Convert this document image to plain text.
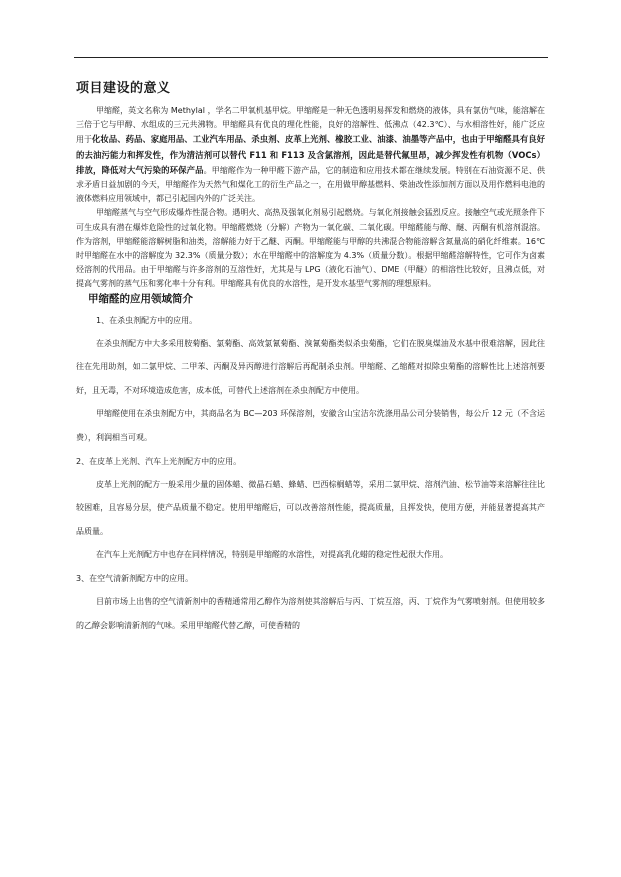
项目建设的意义

甲缩醛，英文名称为 Methylal ，学名二甲氧机基甲烷。甲缩醛是一种无色透明易挥发和燃烧的液体，具有氯仿气味，能溶解在三倍于它与甲醇、水组成的三元共沸物。甲缩醛具有优良的理化性能，良好的溶解性、低沸点（42.3℃）、与水相溶性好，能广泛应用于化妆品、药品、家庭用品、工业汽车用品、杀虫剂、皮革上光剂、橡胶工业、油漆、油墨等产品中，也由于甲缩醛具有良好的去油污能力和挥发性，作为清洁剂可以替代 F11 和 F113 及含氯溶剂，因此是替代氟里昂，减少挥发性有机物（VOCs）排放，降低对大气污染的环保产品。甲缩醛作为一种甲醛下游产品，它的制造和应用技术都在继续发展。特别在石油资源不足、供求矛盾日益加剧的今天，甲缩醛作为天然气和煤化工的衍生产品之一，在用做甲醇基燃料、柴油改性添加剂方面以及用作燃料电池的液体燃料应用领域中，都已引起国内外的广泛关注。

甲缩醛蒸气与空气形成爆炸性混合物。遇明火、高热及强氧化剂易引起燃烧。与氧化剂接触会猛烈反应。接触空气或光照条件下可生成具有潜在爆炸危险性的过氧化物。甲缩醛燃烧（分解）产物为一氧化碳、二氧化碳。甲缩醛能与醇、醚、丙酮有机溶剂混溶。作为溶剂，甲缩醛能溶解树脂和油类，溶解能力好于乙醚、丙酮。甲缩醛能与甲醇的共沸混合物能溶解含氮量高的硝化纤维素。16℃时甲缩醛在水中的溶解度为 32.3%（质量分数）；水在甲缩醛中的溶解度为 4.3%（质量分数）。根据甲缩醛溶解特性，它可作为卤素烃溶剂的代用品。由于甲缩醛与许多溶剂的互溶性好，尤其是与 LPG（液化石油气）、DME（甲醚）的相溶性比较好，且沸点低，对提高气雾剂的蒸气压和雾化率十分有利。甲缩醛具有优良的水溶性，是开发水基型气雾剂的理想原料。

甲缩醛的应用领域简介

1、在杀虫剂配方中的应用。

在杀虫剂配方中大多采用胺菊酯、氯菊酯、高效氯氰菊酯、溴氰菊酯类似杀虫菊酯，它们在脱臭煤油及水基中很难溶解，因此往往在先用助剂，如二氯甲烷、二甲苯、丙酮及异丙醇进行溶解后再配制杀虫剂。甲缩醛、乙缩醛对拟除虫菊酯的溶解性比上述溶剂要好，且无毒，不对环境造成危害，成本低，可替代上述溶剂在杀虫剂配方中使用。

甲缩醛使用在杀虫剂配方中，其商品名为 BC—203 环保溶剂，安徽含山宝洁尔洗涤用品公司分装销售，每公斤 12 元（不含运费），利润相当可观。

2、在皮革上光剂、汽车上光剂配方中的应用。

皮革上光剂的配方一般采用少量的固体蜡、微晶石蜡、蜂蜡、巴西棕榈蜡等，采用二氯甲烷、溶剂汽油、松节油等来溶解往往比较困难，且容易分层，使产品质量不稳定。使用甲缩醛后，可以改善溶剂性能，提高质量，且挥发快，使用方便，并能显著提高其产品质量。

在汽车上光剂配方中也存在同样情况，特别是甲缩醛的水溶性，对提高乳化蜡的稳定性起很大作用。

3、在空气清新剂配方中的应用。

目前市场上出售的空气清新剂中的香精通常用乙醇作为溶剂使其溶解后与丙、丁烷互溶，丙、丁烷作为气雾喷射剂。但使用较多的乙醇会影响清新剂的气味。采用甲缩醛代替乙醇，可使香精的
